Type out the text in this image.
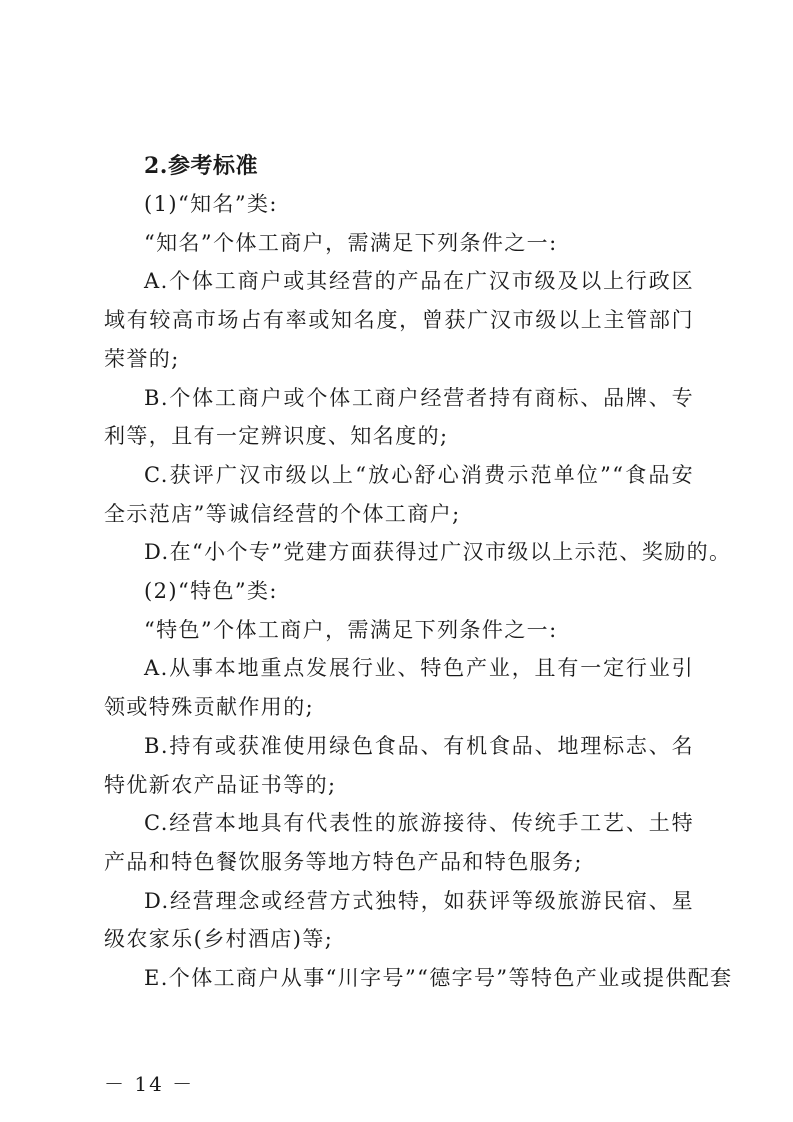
2.参考标准

(1)“知名”类:

“知名”个体工商户，需满足下列条件之一:

A.个体工商户或其经营的产品在广汉市级及以上行政区域有较高市场占有率或知名度，曾获广汉市级以上主管部门荣誉的;

B.个体工商户或个体工商户经营者持有商标、品牌、专利等，且有一定辨识度、知名度的;

C.获评广汉市级以上“放心舒心消费示范单位”“食品安全示范店”等诚信经营的个体工商户;

D.在“小个专”党建方面获得过广汉市级以上示范、奖励的。

(2)“特色”类:

“特色”个体工商户，需满足下列条件之一:

A.从事本地重点发展行业、特色产业，且有一定行业引领或特殊贡献作用的;

B.持有或获准使用绿色食品、有机食品、地理标志、名特优新农产品证书等的;

C.经营本地具有代表性的旅游接待、传统手工艺、土特产品和特色餐饮服务等地方特色产品和特色服务;

D.经营理念或经营方式独特，如获评等级旅游民宿、星级农家乐(乡村酒店)等;

E.个体工商户从事“川字号”“德字号”等特色产业或提供配套

－ 14 －
